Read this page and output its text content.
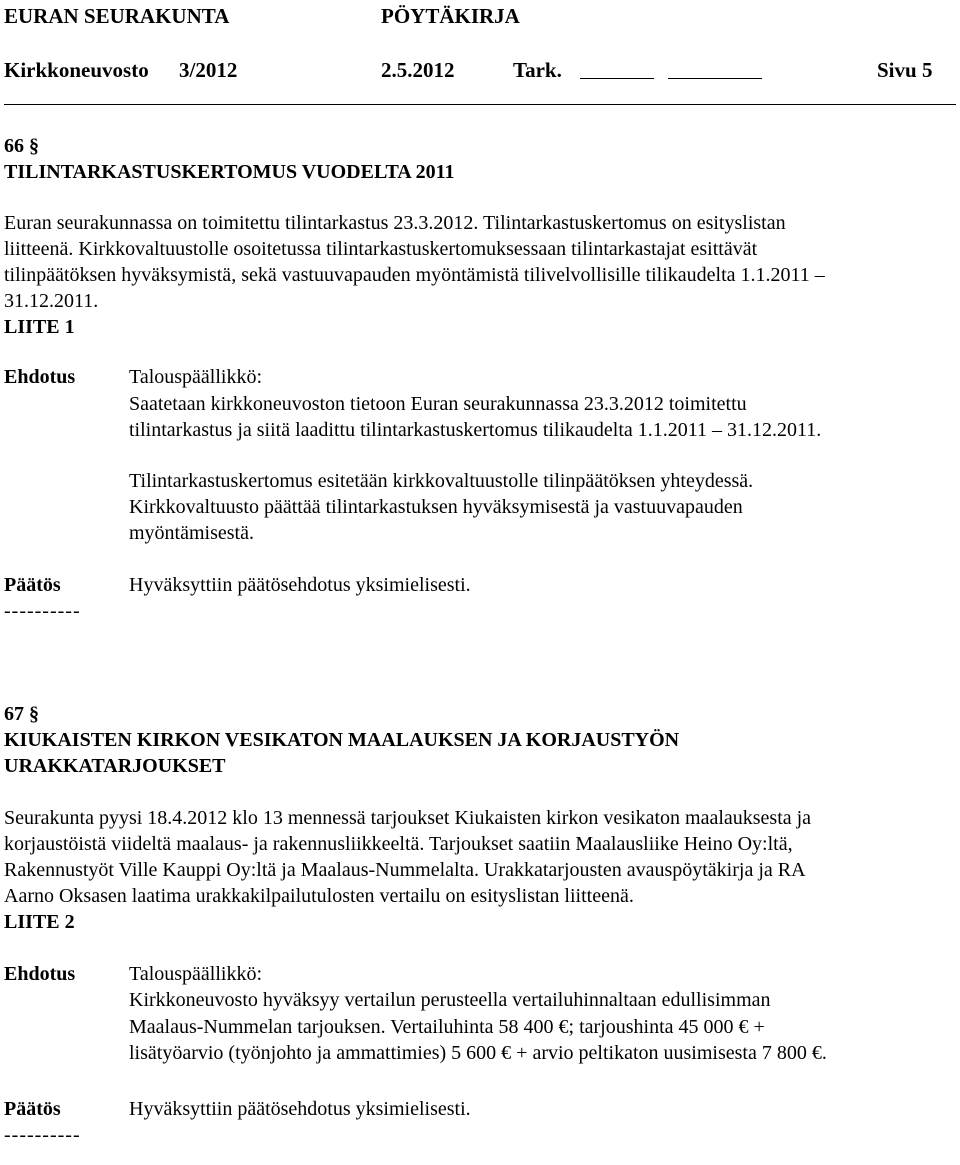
EURAN SEURAKUNTA	PÖYTÄKIRJA
Kirkkoneuvosto 3/2012	2.5.2012	Tark.	Sivu 5
66 §
TILINTARKASTUSKERTOMUS VUODELTA 2011
Euran seurakunnassa on toimitettu tilintarkastus 23.3.2012. Tilintarkastuskertomus on esityslistan
liitteenä. Kirkkovaltuustolle osoitetussa tilintarkastuskertomuksessaan tilintarkastajat esittävät
tilinpäätöksen hyväksymistä, sekä vastuuvapauden myöntämistä tilivelvollisille tilikaudelta 1.1.2011 –
31.12.2011.
LIITE 1
Ehdotus	Talouspäällikkö:
Saatetaan kirkkoneuvoston tietoon Euran seurakunnassa 23.3.2012 toimitettu
tilintarkastus ja siitä laadittu tilintarkastuskertomus tilikaudelta 1.1.2011 – 31.12.2011.
Tilintarkastuskertomus esitetään kirkkovaltuustolle tilinpäätöksen yhteydessä.
Kirkkovaltuusto päättää tilintarkastuksen hyväksymisestä ja vastuuvapauden
myöntämisestä.
Päätös	Hyväksyttiin päätösehdotus yksimielisesti.
----------
67 §
KIUKAISTEN KIRKON VESIKATON MAALAUKSEN JA KORJAUSTYÖN
URAKKATARJOUKSET
Seurakunta pyysi 18.4.2012 klo 13 mennessä tarjoukset Kiukaisten kirkon vesikaton maalauksesta ja
korjaustöistä viideltä maalaus- ja rakennusliikkeeltä. Tarjoukset saatiin Maalausliike Heino Oy:ltä,
Rakennustyöt Ville Kauppi Oy:ltä ja Maalaus-Nummelalta. Urakkatarjousten avauspöytäkirja ja RA
Aarno Oksasen laatima urakkakilpailutulosten vertailu on esityslistan liitteenä.
LIITE 2
Ehdotus	Talouspäällikkö:
Kirkkoneuvosto hyväksyy vertailun perusteella vertailuhinnaltaan edullisimman
Maalaus-Nummelan tarjouksen. Vertailuhinta 58 400 €; tarjoushinta 45 000 € +
lisätyöarvio (työnjohto ja ammattimies) 5 600 € + arvio peltikaton uusimisesta 7 800 €.
Päätös	Hyväksyttiin päätösehdotus yksimielisesti.
----------
